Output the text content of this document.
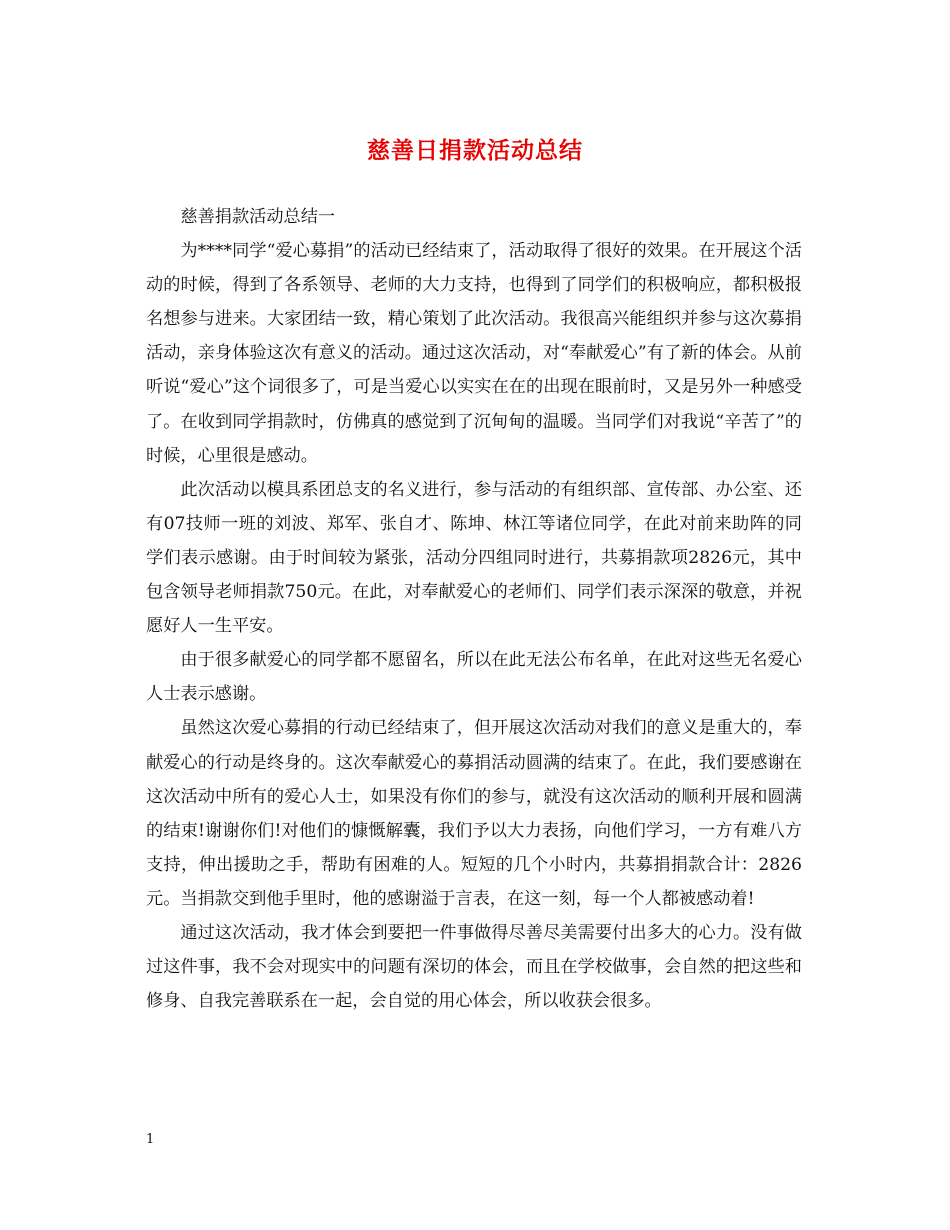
慈善日捐款活动总结

慈善捐款活动总结一

为****同学“爱心募捐”的活动已经结束了，活动取得了很好的效果。在开展这个活动的时候，得到了各系领导、老师的大力支持，也得到了同学们的积极响应，都积极报名想参与进来。大家团结一致，精心策划了此次活动。我很高兴能组织并参与这次募捐活动，亲身体验这次有意义的活动。通过这次活动，对“奉献爱心”有了新的体会。从前听说“爱心”这个词很多了，可是当爱心以实实在在的出现在眼前时，又是另外一种感受了。在收到同学捐款时，仿佛真的感觉到了沉甸甸的温暖。当同学们对我说“辛苦了”的时候，心里很是感动。

此次活动以模具系团总支的名义进行，参与活动的有组织部、宣传部、办公室、还有07技师一班的刘波、郑军、张自才、陈坤、林江等诸位同学，在此对前来助阵的同学们表示感谢。由于时间较为紧张，活动分四组同时进行，共募捐款项2826元，其中包含领导老师捐款750元。在此，对奉献爱心的老师们、同学们表示深深的敬意，并祝愿好人一生平安。

由于很多献爱心的同学都不愿留名，所以在此无法公布名单，在此对这些无名爱心人士表示感谢。

虽然这次爱心募捐的行动已经结束了，但开展这次活动对我们的意义是重大的，奉献爱心的行动是终身的。这次奉献爱心的募捐活动圆满的结束了。在此，我们要感谢在这次活动中所有的爱心人士，如果没有你们的参与，就没有这次活动的顺利开展和圆满的结束!谢谢你们!对他们的慷慨解囊，我们予以大力表扬，向他们学习，一方有难八方支持，伸出援助之手，帮助有困难的人。短短的几个小时内，共募捐捐款合计：2826元。当捐款交到他手里时，他的感谢溢于言表，在这一刻，每一个人都被感动着!

通过这次活动，我才体会到要把一件事做得尽善尽美需要付出多大的心力。没有做过这件事，我不会对现实中的问题有深切的体会，而且在学校做事，会自然的把这些和修身、自我完善联系在一起，会自觉的用心体会，所以收获会很多。

1
